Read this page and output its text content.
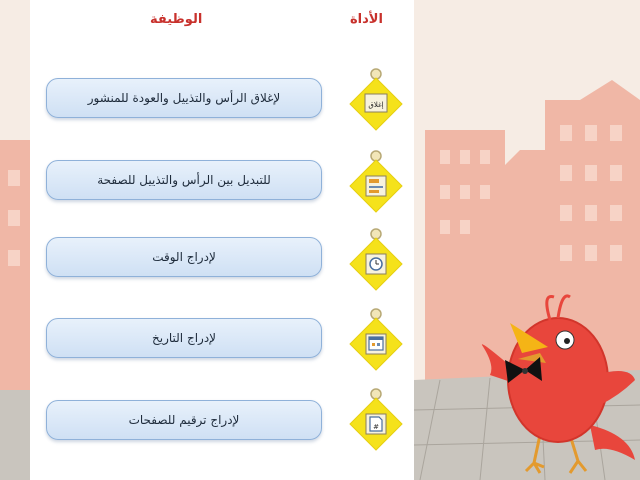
الأداة
الوظيفة
لإغلاق الرأس والتذييل والعودة للمنشور
للتبديل بين الرأس والتذييل للصفحة
لإدراج الوقت
لإدراج التاريخ
لإدراج ترقيم للصفحات
إغلاق
#
